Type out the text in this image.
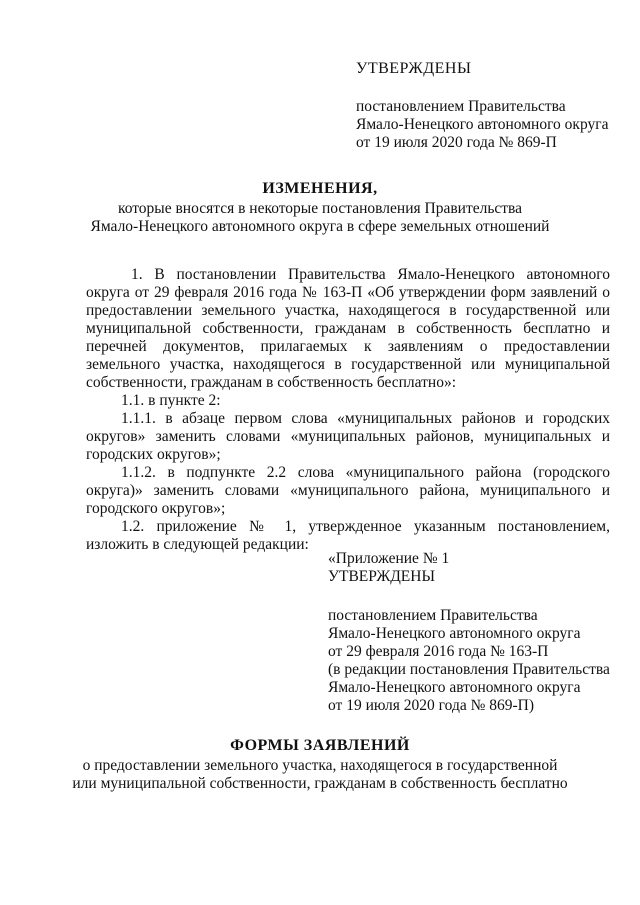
УТВЕРЖДЕНЫ
постановлением Правительства
Ямало-Ненецкого автономного округа
от 19 июля 2020 года № 869-П
ИЗМЕНЕНИЯ,
которые вносятся в некоторые постановления Правительства
Ямало-Ненецкого автономного округа в сфере земельных отношений

1. В постановлении Правительства Ямало-Ненецкого автономного округа от 29 февраля 2016 года № 163-П «Об утверждении форм заявлений о предоставлении земельного участка, находящегося в государственной или муниципальной собственности, гражданам в собственность бесплатно и перечней документов, прилагаемых к заявлениям о предоставлении земельного участка, находящегося в государственной или муниципальной собственности, гражданам в собственность бесплатно»:

1.1. в пункте 2:

1.1.1. в абзаце первом слова «муниципальных районов и городских округов» заменить словами «муниципальных районов, муниципальных и городских округов»;

1.1.2. в подпункте 2.2 слова «муниципального района (городского округа)» заменить словами «муниципального района, муниципального и городского округов»;

1.2. приложение № 1, утвержденное указанным постановлением, изложить в следующей редакции:

«Приложение № 1
УТВЕРЖДЕНЫ
постановлением Правительства
Ямало-Ненецкого автономного округа
от 29 февраля 2016 года № 163-П
(в редакции постановления Правительства
Ямало-Ненецкого автономного округа
от 19 июля 2020 года № 869-П)
ФОРМЫ ЗАЯВЛЕНИЙ
о предоставлении земельного участка, находящегося в государственной
или муниципальной собственности, гражданам в собственность бесплатно
